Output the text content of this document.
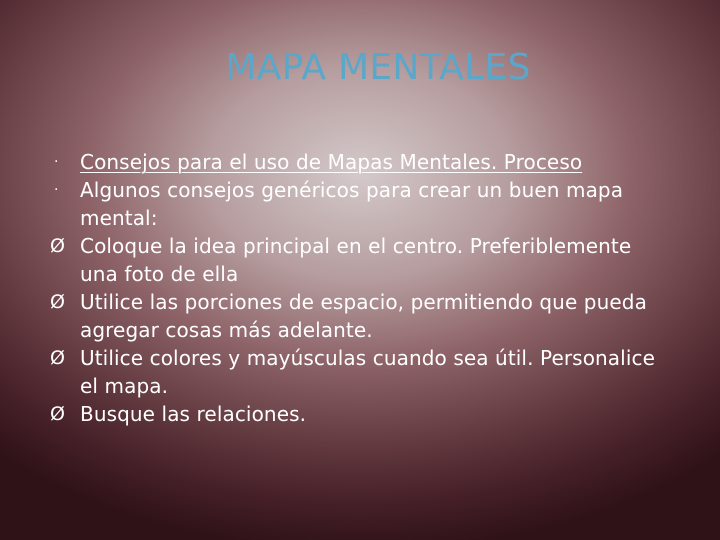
MAPA MENTALES
·	Consejos para el uso de Mapas Mentales. Proceso
·	Algunos consejos genéricos para crear un buen mapa mental:
Ø Coloque la idea principal en el centro. Preferiblemente una foto de ella
Ø Utilice las porciones de espacio, permitiendo que pueda agregar cosas más adelante.
Ø Utilice colores y mayúsculas cuando sea útil. Personalice el mapa.
Ø Busque las relaciones.
